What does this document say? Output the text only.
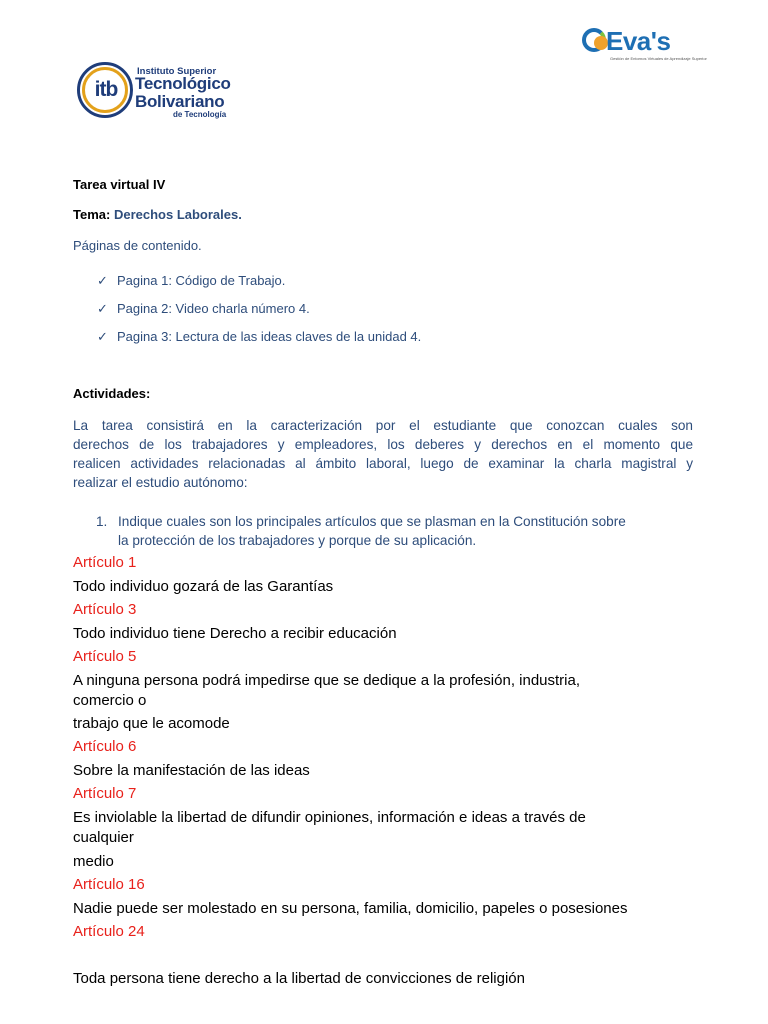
itb
Instituto Superior
Tecnológico
Bolivariano
de Tecnología
Eva's
Gestión de Entornos Virtuales de Aprendizaje Superior
Tarea virtual IV
Tema: Derechos Laborales.
Páginas de contenido.
✓ Pagina 1: Código de Trabajo.
✓ Pagina 2: Video charla número 4.
✓ Pagina 3: Lectura de las ideas claves de la unidad 4.
Actividades:
La tarea consistirá en la caracterización por el estudiante que conozcan cuales son
derechos de los trabajadores y empleadores, los deberes y derechos en el momento que
realicen actividades relacionadas al ámbito laboral, luego de examinar la charla magistral y
realizar el estudio autónomo:
1. Indique cuales son los principales artículos que se plasman en la Constitución sobre
la protección de los trabajadores y porque de su aplicación.
Artículo 1
Todo individuo gozará de las Garantías
Artículo 3
Todo individuo tiene Derecho a recibir educación
Artículo 5
A ninguna persona podrá impedirse que se dedique a la profesión, industria,
comercio o
trabajo que le acomode
Artículo 6
Sobre la manifestación de las ideas
Artículo 7
Es inviolable la libertad de difundir opiniones, información e ideas a través de
cualquier
medio
Artículo 16
Nadie puede ser molestado en su persona, familia, domicilio, papeles o posesiones
Artículo 24
Toda persona tiene derecho a la libertad de convicciones de religión
